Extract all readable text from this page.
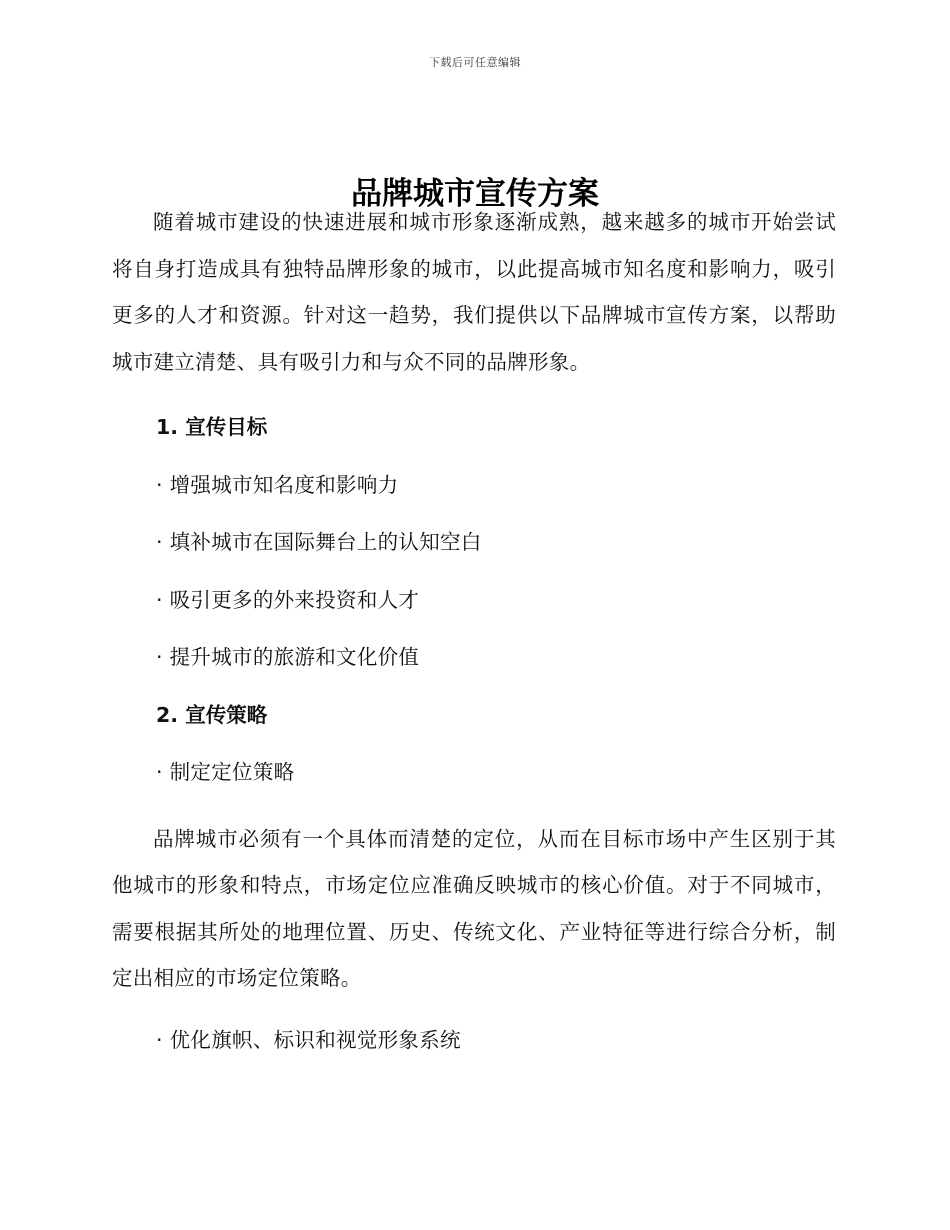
下载后可任意编辑
品牌城市宣传方案

随着城市建设的快速进展和城市形象逐渐成熟，越来越多的城市开始尝试将自身打造成具有独特品牌形象的城市，以此提高城市知名度和影响力，吸引更多的人才和资源。针对这一趋势，我们提供以下品牌城市宣传方案，以帮助城市建立清楚、具有吸引力和与众不同的品牌形象。

1. 宣传目标

· 增强城市知名度和影响力

· 填补城市在国际舞台上的认知空白

· 吸引更多的外来投资和人才

· 提升城市的旅游和文化价值

2. 宣传策略

· 制定定位策略

品牌城市必须有一个具体而清楚的定位，从而在目标市场中产生区别于其他城市的形象和特点，市场定位应准确反映城市的核心价值。对于不同城市，需要根据其所处的地理位置、历史、传统文化、产业特征等进行综合分析，制定出相应的市场定位策略。

· 优化旗帜、标识和视觉形象系统
